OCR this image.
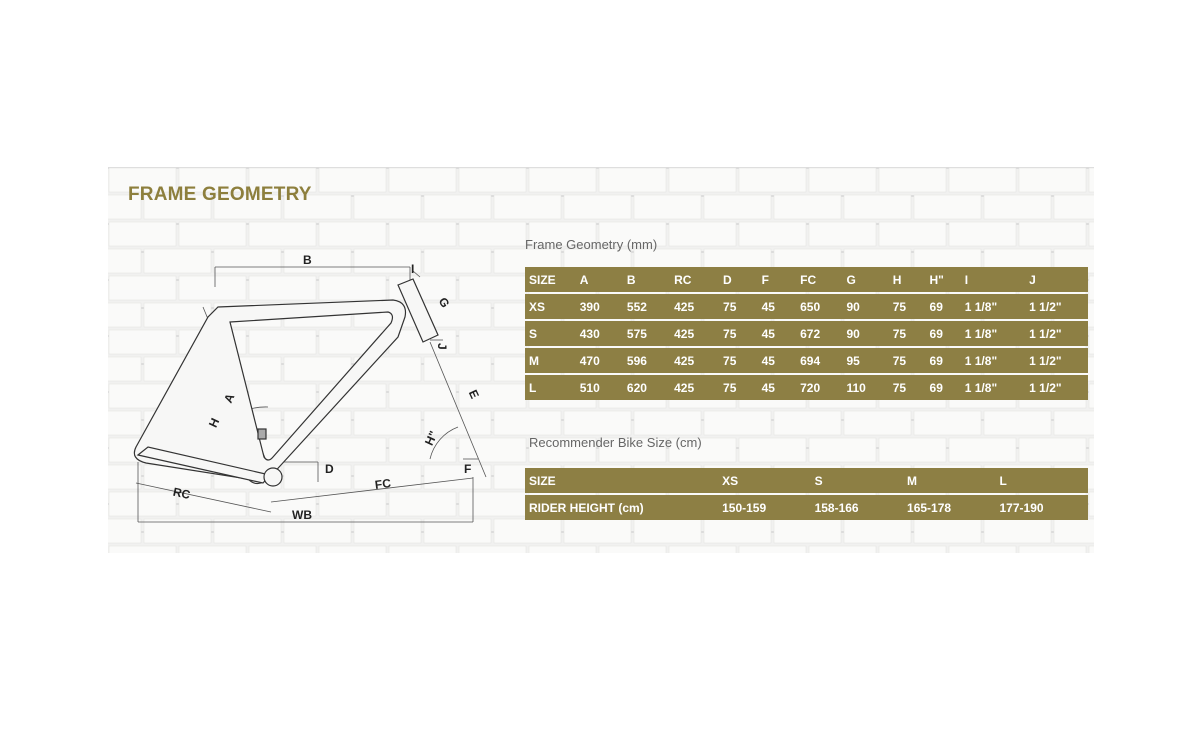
FRAME GEOMETRY
B
I
G
J
E
A
H
H"
D	F
RC
FC
WB
Frame Geometry (mm)
SIZE	A	B	RC	D	F	FC	G	H	H"	I	J
XS	390	552	425	75	45	650	90	75	69	1 1/8"	1 1/2"
S	430	575	425	75	45	672	90	75	69	1 1/8"	1 1/2"
M	470	596	425	75	45	694	95	75	69	1 1/8"	1 1/2"
L	510	620	425	75	45	720	110	75	69	1 1/8"	1 1/2"
Recommender Bike Size (cm)
SIZE	XS	S	M	L
RIDER HEIGHT (cm)	150-159	158-166	165-178	177-190
